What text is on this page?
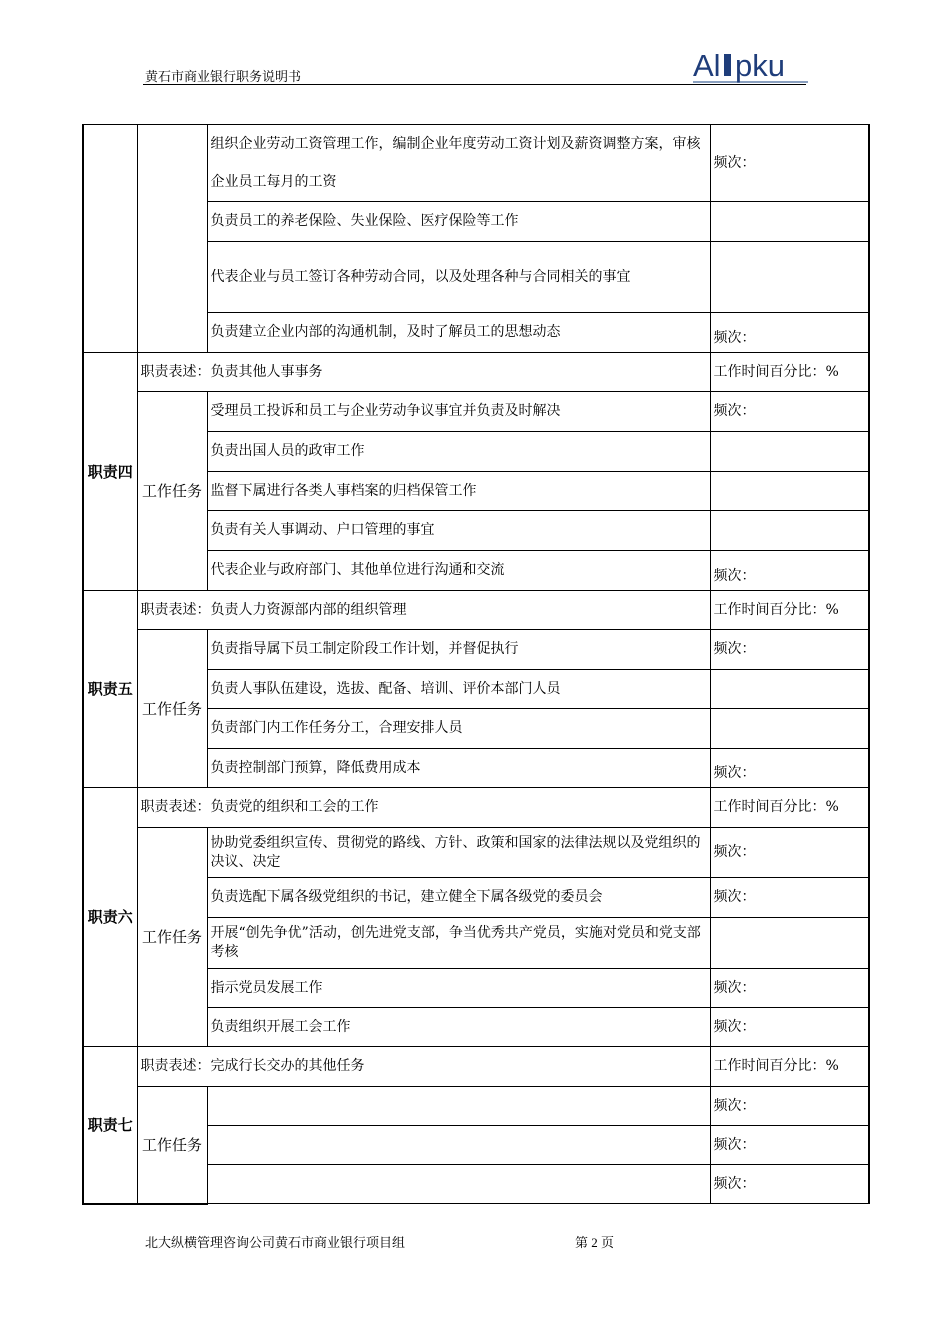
黄石市商业银行职务说明书	Al pku
		组织企业劳动工资管理工作，编制企业年度劳动工资计划及薪资调整方案，审核企业员工每月的工资	频次：
		负责员工的养老保险、失业保险、医疗保险等工作	
		代表企业与员工签订各种劳动合同，以及处理各种与合同相关的事宜	
		负责建立企业内部的沟通机制，及时了解员工的思想动态	频次：
职责四	职责表述：负责其他人事事务		工作时间百分比：%
	工作任务	受理员工投诉和员工与企业劳动争议事宜并负责及时解决	频次：
		负责出国人员的政审工作	
		监督下属进行各类人事档案的归档保管工作	
		负责有关人事调动、户口管理的事宜	
		代表企业与政府部门、其他单位进行沟通和交流	频次：
职责五	职责表述：负责人力资源部内部的组织管理		工作时间百分比：%
	工作任务	负责指导属下员工制定阶段工作计划，并督促执行	频次：
		负责人事队伍建设，选拔、配备、培训、评价本部门人员	
		负责部门内工作任务分工，合理安排人员	
		负责控制部门预算，降低费用成本	频次：
职责六	职责表述：负责党的组织和工会的工作		工作时间百分比：%
	工作任务	协助党委组织宣传、贯彻党的路线、方针、政策和国家的法律法规以及党组织的决议、决定	频次：
		负责选配下属各级党组织的书记，建立健全下属各级党的委员会	频次：
		开展“创先争优”活动，创先进党支部，争当优秀共产党员，实施对党员和党支部考核	
		指示党员发展工作	频次：
		负责组织开展工会工作	频次：
职责七	职责表述：完成行长交办的其他任务		工作时间百分比：%
	工作任务		频次：
			频次：
			频次：
北大纵横管理咨询公司黄石市商业银行项目组	第 2 页
